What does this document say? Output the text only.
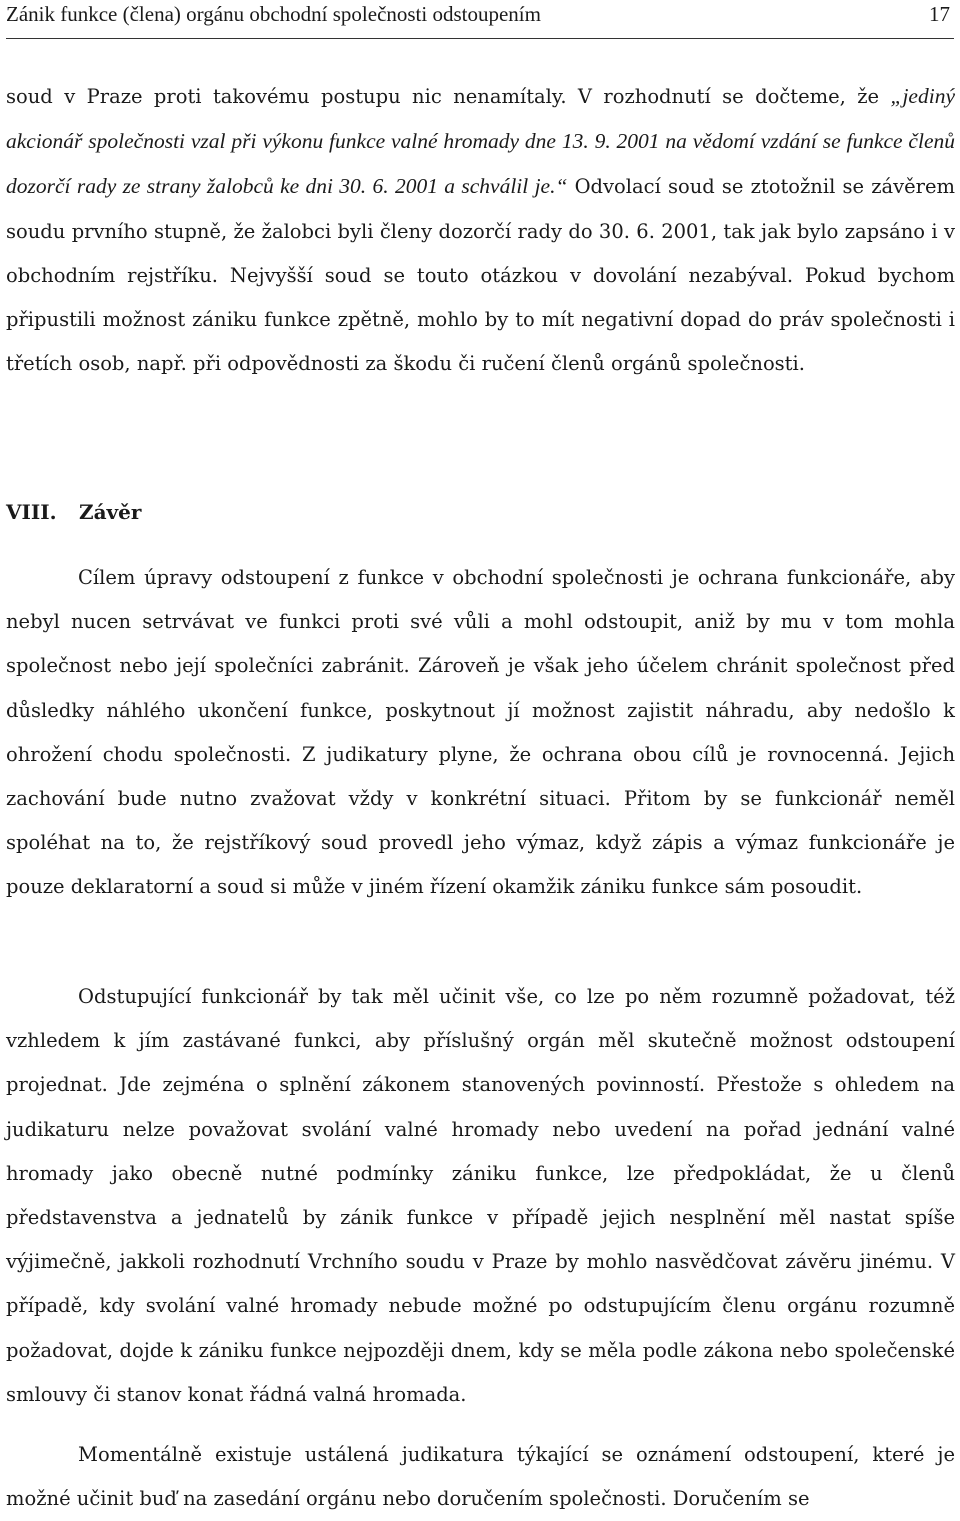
Zánik funkce (člena) orgánu obchodní společnosti odstoupením	17

soud v Praze proti takovému postupu nic nenamítaly. V rozhodnutí se dočteme, že „jediný akcionář společnosti vzal při výkonu funkce valné hromady dne 13. 9. 2001 na vědomí vzdání se funkce členů dozorčí rady ze strany žalobců ke dni 30. 6. 2001 a schválil je.“ Odvolací soud se ztotožnil se závěrem soudu prvního stupně, že žalobci byli členy dozorčí rady do 30. 6. 2001, tak jak bylo zapsáno i v obchodním rejstříku. Nejvyšší soud se touto otázkou v dovolání nezabýval. Pokud bychom připustili možnost zániku funkce zpětně, mohlo by to mít negativní dopad do práv společnosti i třetích osob, např. při odpovědnosti za škodu či ručení členů orgánů společnosti.

VIII. Závěr

Cílem úpravy odstoupení z funkce v obchodní společnosti je ochrana funkcionáře, aby nebyl nucen setrvávat ve funkci proti své vůli a mohl odstoupit, aniž by mu v tom mohla společnost nebo její společníci zabránit. Zároveň je však jeho účelem chránit společnost před důsledky náhlého ukončení funkce, poskytnout jí možnost zajistit náhradu, aby nedošlo k ohrožení chodu společnosti. Z judikatury plyne, že ochrana obou cílů je rovnocenná. Jejich zachování bude nutno zvažovat vždy v konkrétní situaci. Přitom by se funkcionář neměl spoléhat na to, že rejstříkový soud provedl jeho výmaz, když zápis a výmaz funkcionáře je pouze deklaratorní a soud si může v jiném řízení okamžik zániku funkce sám posoudit.

Odstupující funkcionář by tak měl učinit vše, co lze po něm rozumně požadovat, též vzhledem k jím zastávané funkci, aby příslušný orgán měl skutečně možnost odstoupení projednat. Jde zejména o splnění zákonem stanovených povinností. Přestože s ohledem na judikaturu nelze považovat svolání valné hromady nebo uvedení na pořad jednání valné hromady jako obecně nutné podmínky zániku funkce, lze předpokládat, že u členů představenstva a jednatelů by zánik funkce v případě jejich nesplnění měl nastat spíše výjimečně, jakkoli rozhodnutí Vrchního soudu v Praze by mohlo nasvědčovat závěru jinému. V případě, kdy svolání valné hromady nebude možné po odstupujícím členu orgánu rozumně požadovat, dojde k zániku funkce nejpozději dnem, kdy se měla podle zákona nebo společenské smlouvy či stanov konat řádná valná hromada.

Momentálně existuje ustálená judikatura týkající se oznámení odstoupení, které je možné učinit buď na zasedání orgánu nebo doručením společnosti. Doručením se
